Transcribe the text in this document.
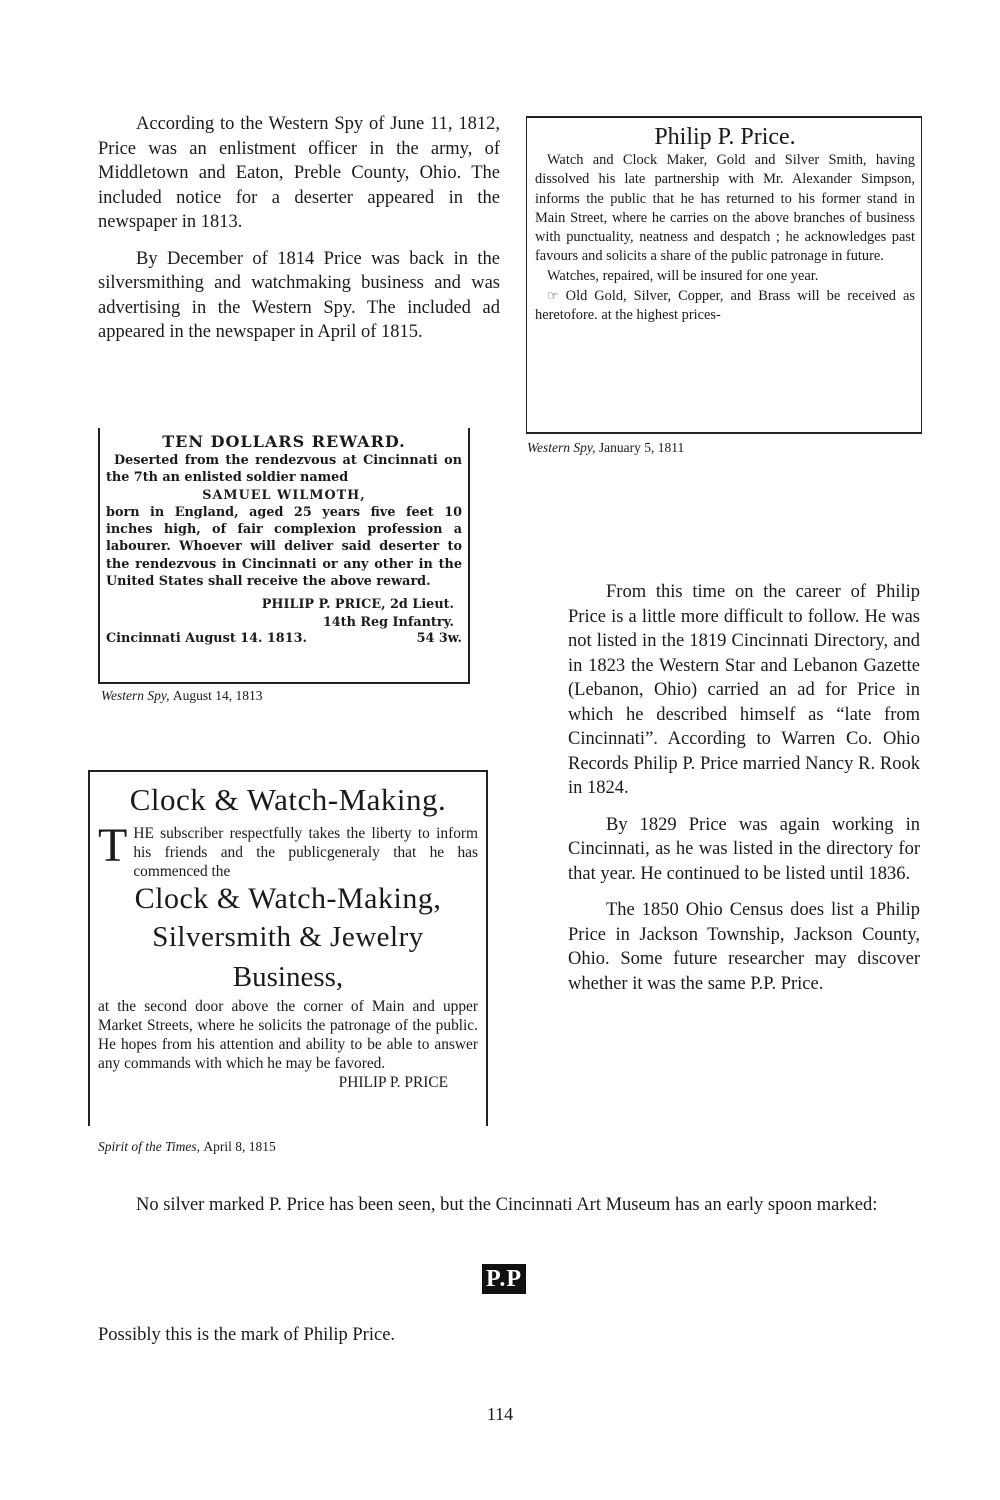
According to the Western Spy of June 11, 1812, Price was an enlistment officer in the army, of Middletown and Eaton, Preble County, Ohio. The included notice for a deserter appeared in the newspaper in 1813.

By December of 1814 Price was back in the silversmithing and watchmaking business and was advertising in the Western Spy. The included ad appeared in the newspaper in April of 1815.

Philip P. Price.

Watch and Clock Maker, Gold and Silver Smith, having dissolved his late partnership with Mr. Alexander Simpson, informs the public that he has returned to his former stand in Main Street, where he carries on the above branches of business with punctuality, neatness and despatch ; he acknowledges past favours and solicits a share of the public patronage in future.

Watches, repaired, will be insured for one year.

☞ Old Gold, Silver, Copper, and Brass will be received as heretofore. at the highest prices-

Western Spy, January 5, 1811
TEN DOLLARS REWARD.

Deserted from the rendezvous at Cincinnati on the 7th an enlisted soldier named

SAMUEL WILMOTH,

born in England, aged 25 years five feet 10 inches high, of fair complexion profession a labourer. Whoever will deliver said deserter to the rendezvous in Cincinnati or any other in the United States shall receive the above reward.

PHILIP P. PRICE, 2d Lieut.

14th Reg Infantry.

Cincinnati August 14. 1813.	54 3w.
Western Spy, August 14, 1813
Clock & Watch-Making.
T HE subscriber respectfully takes the liberty to inform his friends and the publicgeneraly that he has commenced the

Clock & Watch-Making,
Silversmith & Jewelry
Business,

at the second door above the corner of Main and upper Market Streets, where he solicits the patronage of the public. He hopes from his attention and ability to be able to answer any commands with which he may be favored.

PHILIP P. PRICE
Spirit of the Times, April 8, 1815

From this time on the career of Philip Price is a little more difficult to follow. He was not listed in the 1819 Cincinnati Directory, and in 1823 the Western Star and Lebanon Gazette (Lebanon, Ohio) carried an ad for Price in which he described himself as “late from Cincinnati”. According to Warren Co. Ohio Records Philip P. Price married Nancy R. Rook in 1824.

By 1829 Price was again working in Cincinnati, as he was listed in the directory for that year. He continued to be listed until 1836.

The 1850 Ohio Census does list a Philip Price in Jackson Township, Jackson County, Ohio. Some future researcher may discover whether it was the same P.P. Price.

No silver marked P. Price has been seen, but the Cincinnati Art Museum has an early spoon marked:

P.P

Possibly this is the mark of Philip Price.

114
